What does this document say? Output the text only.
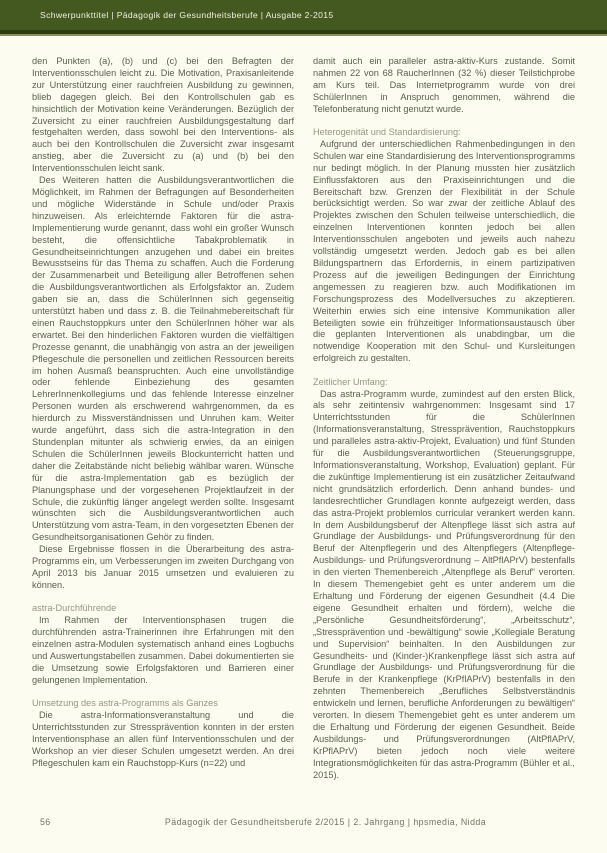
Schwerpunkttitel | Pädagogik der Gesundheitsberufe | Ausgabe 2-2015

den Punkten (a), (b) und (c) bei den Befragten der Interventionsschulen leicht zu. Die Motivation, Praxisanleitende zur Unterstützung einer rauchfreien Ausbildung zu gewinnen, blieb dagegen gleich. Bei den Kontrollschulen gab es hinsichtlich der Motivation keine Veränderungen. Bezüglich der Zuversicht zu einer rauchfreien Ausbildungsgestaltung darf festgehalten werden, dass sowohl bei den Interventions- als auch bei den Kontrollschulen die Zuversicht zwar insgesamt anstieg, aber die Zuversicht zu (a) und (b) bei den Interventionsschulen leicht sank.

Des Weiteren hatten die Ausbildungsverantwortlichen die Möglichkeit, im Rahmen der Befragungen auf Besonderheiten und mögliche Widerstände in Schule und/oder Praxis hinzuweisen. Als erleichternde Faktoren für die astra-Implementierung wurde genannt, dass wohl ein großer Wunsch besteht, die offensichtliche Tabakproblematik in Gesundheitseinrichtungen anzugehen und dabei ein breites Bewusstseins für das Thema zu schaffen. Auch die Forderung der Zusammenarbeit und Beteiligung aller Betroffenen sehen die Ausbildungsverantwortlichen als Erfolgsfaktor an. Zudem gaben sie an, dass die SchülerInnen sich gegenseitig unterstützt haben und dass z. B. die Teilnahmebereitschaft für einen Rauchstoppkurs unter den SchülerInnen höher war als erwartet. Bei den hinderlichen Faktoren wurden die vielfältigen Prozesse genannt, die unabhängig von astra an der jeweiligen Pflegeschule die personellen und zeitlichen Ressourcen bereits im hohen Ausmaß beanspruchten. Auch eine unvollständige oder fehlende Einbeziehung des gesamten LehrerInnenkollegiums und das fehlende Interesse einzelner Personen wurden als erschwerend wahrgenommen, da es hierdurch zu Missverständnissen und Unruhen kam. Weiter wurde angeführt, dass sich die astra-Integration in den Stundenplan mitunter als schwierig erwies, da an einigen Schulen die SchülerInnen jeweils Blockunterricht hatten und daher die Zeitabstände nicht beliebig wählbar waren. Wünsche für die astra-Implementation gab es bezüglich der Planungsphase und der vorgesehenen Projektlaufzeit in der Schule, die zukünftig länger angelegt werden sollte. Insgesamt wünschten sich die Ausbildungsverantwortlichen auch Unterstützung vom astra-Team, in den vorgesetzten Ebenen der Gesundheitsorganisationen Gehör zu finden.

Diese Ergebnisse flossen in die Überarbeitung des astra-Programms ein, um Verbesserungen im zweiten Durchgang von April 2013 bis Januar 2015 umsetzen und evaluieren zu können.

astra-Durchführende

Im Rahmen der Interventionsphasen trugen die durchführenden astra-Trainerinnen ihre Erfahrungen mit den einzelnen astra-Modulen systematisch anhand eines Logbuchs und Auswertungstabellen zusammen. Dabei dokumentierten sie die Umsetzung sowie Erfolgsfaktoren und Barrieren einer gelungenen Implementation.

Umsetzung des astra-Programms als Ganzes

Die astra-Informationsveranstaltung und die Unterrichtsstunden zur Stressprävention konnten in der ersten Interventionsphase an allen fünf Interventionsschulen und der Workshop an vier dieser Schulen umgesetzt werden. An drei Pflegeschulen kam ein Rauchstopp-Kurs (n=22) und

damit auch ein paralleler astra-aktiv-Kurs zustande. Somit nahmen 22 von 68 RaucherInnen (32 %) dieser Teilstichprobe am Kurs teil. Das Internetprogramm wurde von drei SchülerInnen in Anspruch genommen, während die Telefonberatung nicht genutzt wurde.

Heterogenität und Standardisierung:

Aufgrund der unterschiedlichen Rahmenbedingungen in den Schulen war eine Standardisierung des Interventionsprogramms nur bedingt möglich. In der Planung mussten hier zusätzlich Einflussfaktoren aus den Praxiseinrichtungen und die Bereitschaft bzw. Grenzen der Flexibilität in der Schule berücksichtigt werden. So war zwar der zeitliche Ablauf des Projektes zwischen den Schulen teilweise unterschiedlich, die einzelnen Interventionen konnten jedoch bei allen Interventionsschulen angeboten und jeweils auch nahezu vollständig umgesetzt werden. Jedoch gab es bei allen Bildungspartnern das Erfordernis, in einem partizipativen Prozess auf die jeweiligen Bedingungen der Einrichtung angemessen zu reagieren bzw. auch Modifikationen im Forschungsprozess des Modellversuches zu akzeptieren. Weiterhin erwies sich eine intensive Kommunikation aller Beteiligten sowie ein frühzeitiger Informationsaustausch über die geplanten Interventionen als unabdingbar, um die notwendige Kooperation mit den Schul- und Kursleitungen erfolgreich zu gestalten.

Zeitlicher Umfang:

Das astra-Programm wurde, zumindest auf den ersten Blick, als sehr zeitintensiv wahrgenommen: Insgesamt sind 17 Unterrichtsstunden für die SchülerInnen (Informationsveranstaltung, Stressprävention, Rauchstoppkurs und paralleles astra-aktiv-Projekt, Evaluation) und fünf Stunden für die Ausbildungsverantwortlichen (Steuerungsgruppe, Informationsveranstaltung, Workshop, Evaluation) geplant. Für die zukünftige Implementierung ist ein zusätzlicher Zeitaufwand nicht grundsätzlich erforderlich. Denn anhand bundes- und landesrechtlicher Grundlagen konnte aufgezeigt werden, dass das astra-Projekt problemlos curricular verankert werden kann. In dem Ausbildungsberuf der Altenpflege lässt sich astra auf Grundlage der Ausbildungs- und Prüfungsverordnung für den Beruf der Altenpflegerin und des Altenpflegers (Altenpflege-Ausbildungs- und Prüfungsverordnung – AltPflAPrV) bestenfalls in den vierten Themenbereich „Altenpflege als Beruf“ verorten. In diesem Themengebiet geht es unter anderem um die Erhaltung und Förderung der eigenen Gesundheit (4.4 Die eigene Gesundheit erhalten und fördern), welche die „Persönliche Gesundheitsförderung“, „Arbeitsschutz“, „Stressprävention und -bewältigung“ sowie „Kollegiale Beratung und Supervision“ beinhalten. In den Ausbildungen zur Gesundheits- und (Kinder-)Krankenpflege lässt sich astra auf Grundlage der Ausbildungs- und Prüfungsverordnung für die Berufe in der Krankenpflege (KrPflAPrV) bestenfalls in den zehnten Themenbereich „Berufliches Selbstverständnis entwickeln und lernen, berufliche Anforderungen zu bewältigen“ verorten. In diesem Themengebiet geht es unter anderem um die Erhaltung und Förderung der eigenen Gesundheit. Beide Ausbildungs- und Prüfungsverordnungen (AltPflAPrV, KrPflAPrV) bieten jedoch noch viele weitere Integrationsmöglichkeiten für das astra-Programm (Bühler et al., 2015).

56	Pädagogik der Gesundheitsberufe 2/2015 | 2. Jahrgang | hpsmedia, Nidda
